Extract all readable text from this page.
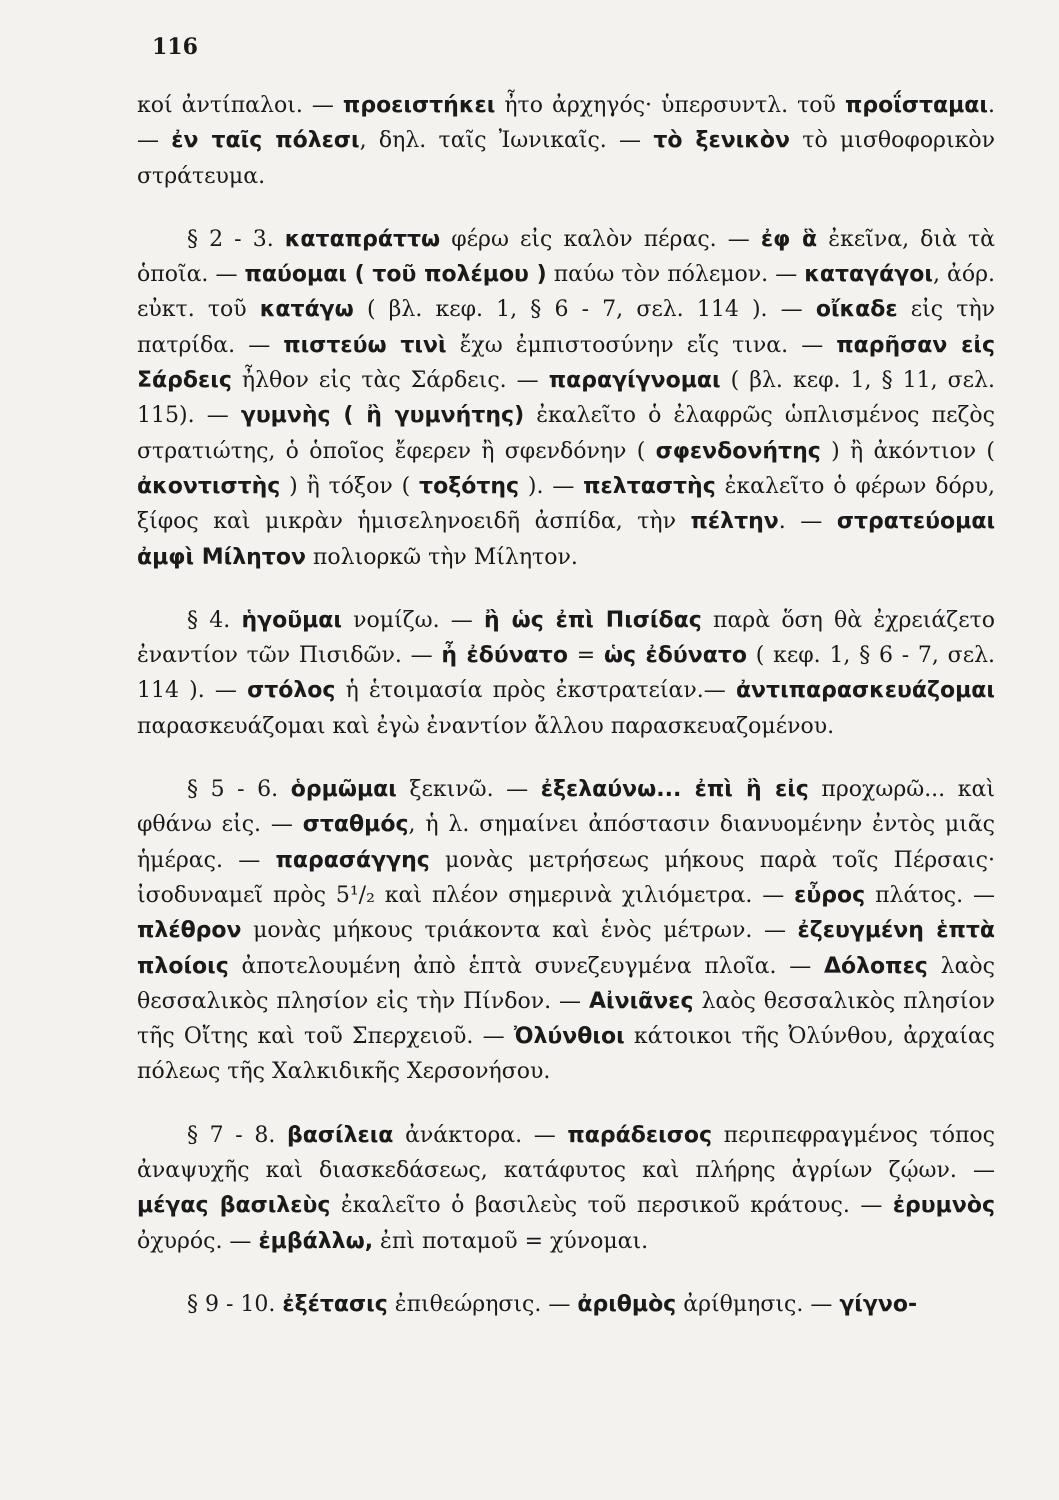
116

κοί ἀντίπαλοι. — προειστήκει ἦτο ἀρχηγός· ὑπερσυντλ. τοῦ προΐσταμαι. — ἐν ταῖς πόλεσι, δηλ. ταῖς Ἰωνικαῖς. — τὸ ξενικὸν τὸ μισθοφορικὸν στράτευμα.

§ 2 - 3. καταπράττω φέρω εἰς καλὸν πέρας. — ἐφ ἃ ἐκεῖνα, διὰ τὰ ὁποῖα. — παύομαι ( τοῦ πολέμου ) παύω τὸν πόλεμον. — καταγάγοι, ἀόρ. εὐκτ. τοῦ κατάγω ( βλ. κεφ. 1, § 6 - 7, σελ. 114 ). — οἴκαδε εἰς τὴν πατρίδα. — πιστεύω τινὶ ἔχω ἐμπιστοσύνην εἴς τινα. — παρῆσαν εἰς Σάρδεις ἦλθον εἰς τὰς Σάρδεις. — παραγίγνομαι ( βλ. κεφ. 1, § 11, σελ. 115). — γυμνὴς ( ἢ γυμνήτης) ἐκαλεῖτο ὁ ἐλαφρῶς ὡπλισμένος πεζὸς στρατιώτης, ὁ ὁποῖος ἔφερεν ἢ σφενδόνην ( σφενδονήτης ) ἢ ἀκόντιον ( ἀκοντιστὴς ) ἢ τόξον ( τοξότης ). — πελταστὴς ἐκαλεῖτο ὁ φέρων δόρυ, ξίφος καὶ μικρὰν ἡμισεληνοειδῆ ἀσπίδα, τὴν πέλτην. — στρατεύομαι ἀμφὶ Μίλητον πολιορκῶ τὴν Μίλητον.

§ 4. ἡγοῦμαι νομίζω. — ἢ ὡς ἐπὶ Πισίδας παρὰ ὅση θὰ ἐχρειάζετο ἐναντίον τῶν Πισιδῶν. — ἦ ἐδύνατο = ὡς ἐδύνατο ( κεφ. 1, § 6 - 7, σελ. 114 ). — στόλος ἡ ἑτοιμασία πρὸς ἐκστρατείαν.— ἀντιπαρασκευάζομαι παρασκευάζομαι καὶ ἐγὼ ἐναντίον ἄλλου παρασκευαζομένου.

§ 5 - 6. ὁρμῶμαι ξεκινῶ. — ἐξελαύνω... ἐπὶ ἢ εἰς προχωρῶ... καὶ φθάνω εἰς. — σταθμός, ἡ λ. σημαίνει ἀπόστασιν διανυομένην ἐντὸς μιᾶς ἡμέρας. — παρασάγγης μονὰς μετρήσεως μήκους παρὰ τοῖς Πέρσαις· ἰσοδυναμεῖ πρὸς 5¹/₂ καὶ πλέον σημερινὰ χιλιόμετρα. — εὖρος πλάτος. — πλέθρον μονὰς μήκους τριάκοντα καὶ ἑνὸς μέτρων. — ἐζευγμένη ἑπτὰ πλοίοις ἀποτελουμένη ἀπὸ ἑπτὰ συνεζευγμένα πλοῖα. — Δόλοπες λαὸς θεσσαλικὸς πλησίον εἰς τὴν Πίνδον. — Αἰνιᾶνες λαὸς θεσσαλικὸς πλησίον τῆς Οἴτης καὶ τοῦ Σπερχειοῦ. — Ὀλύνθιοι κάτοικοι τῆς Ὀλύνθου, ἀρχαίας πόλεως τῆς Χαλκιδικῆς Χερσονήσου.

§ 7 - 8. βασίλεια ἀνάκτορα. — παράδεισος περιπεφραγμένος τόπος ἀναψυχῆς καὶ διασκεδάσεως, κατάφυτος καὶ πλήρης ἀγρίων ζῴων. — μέγας βασιλεὺς ἐκαλεῖτο ὁ βασιλεὺς τοῦ περσικοῦ κράτους. — ἐρυμνὸς ὀχυρός. — ἐμβάλλω, ἐπὶ ποταμοῦ = χύνομαι.

§ 9 - 10. ἐξέτασις ἐπιθεώρησις. — ἀριθμὸς ἀρίθμησις. — γίγνο-
